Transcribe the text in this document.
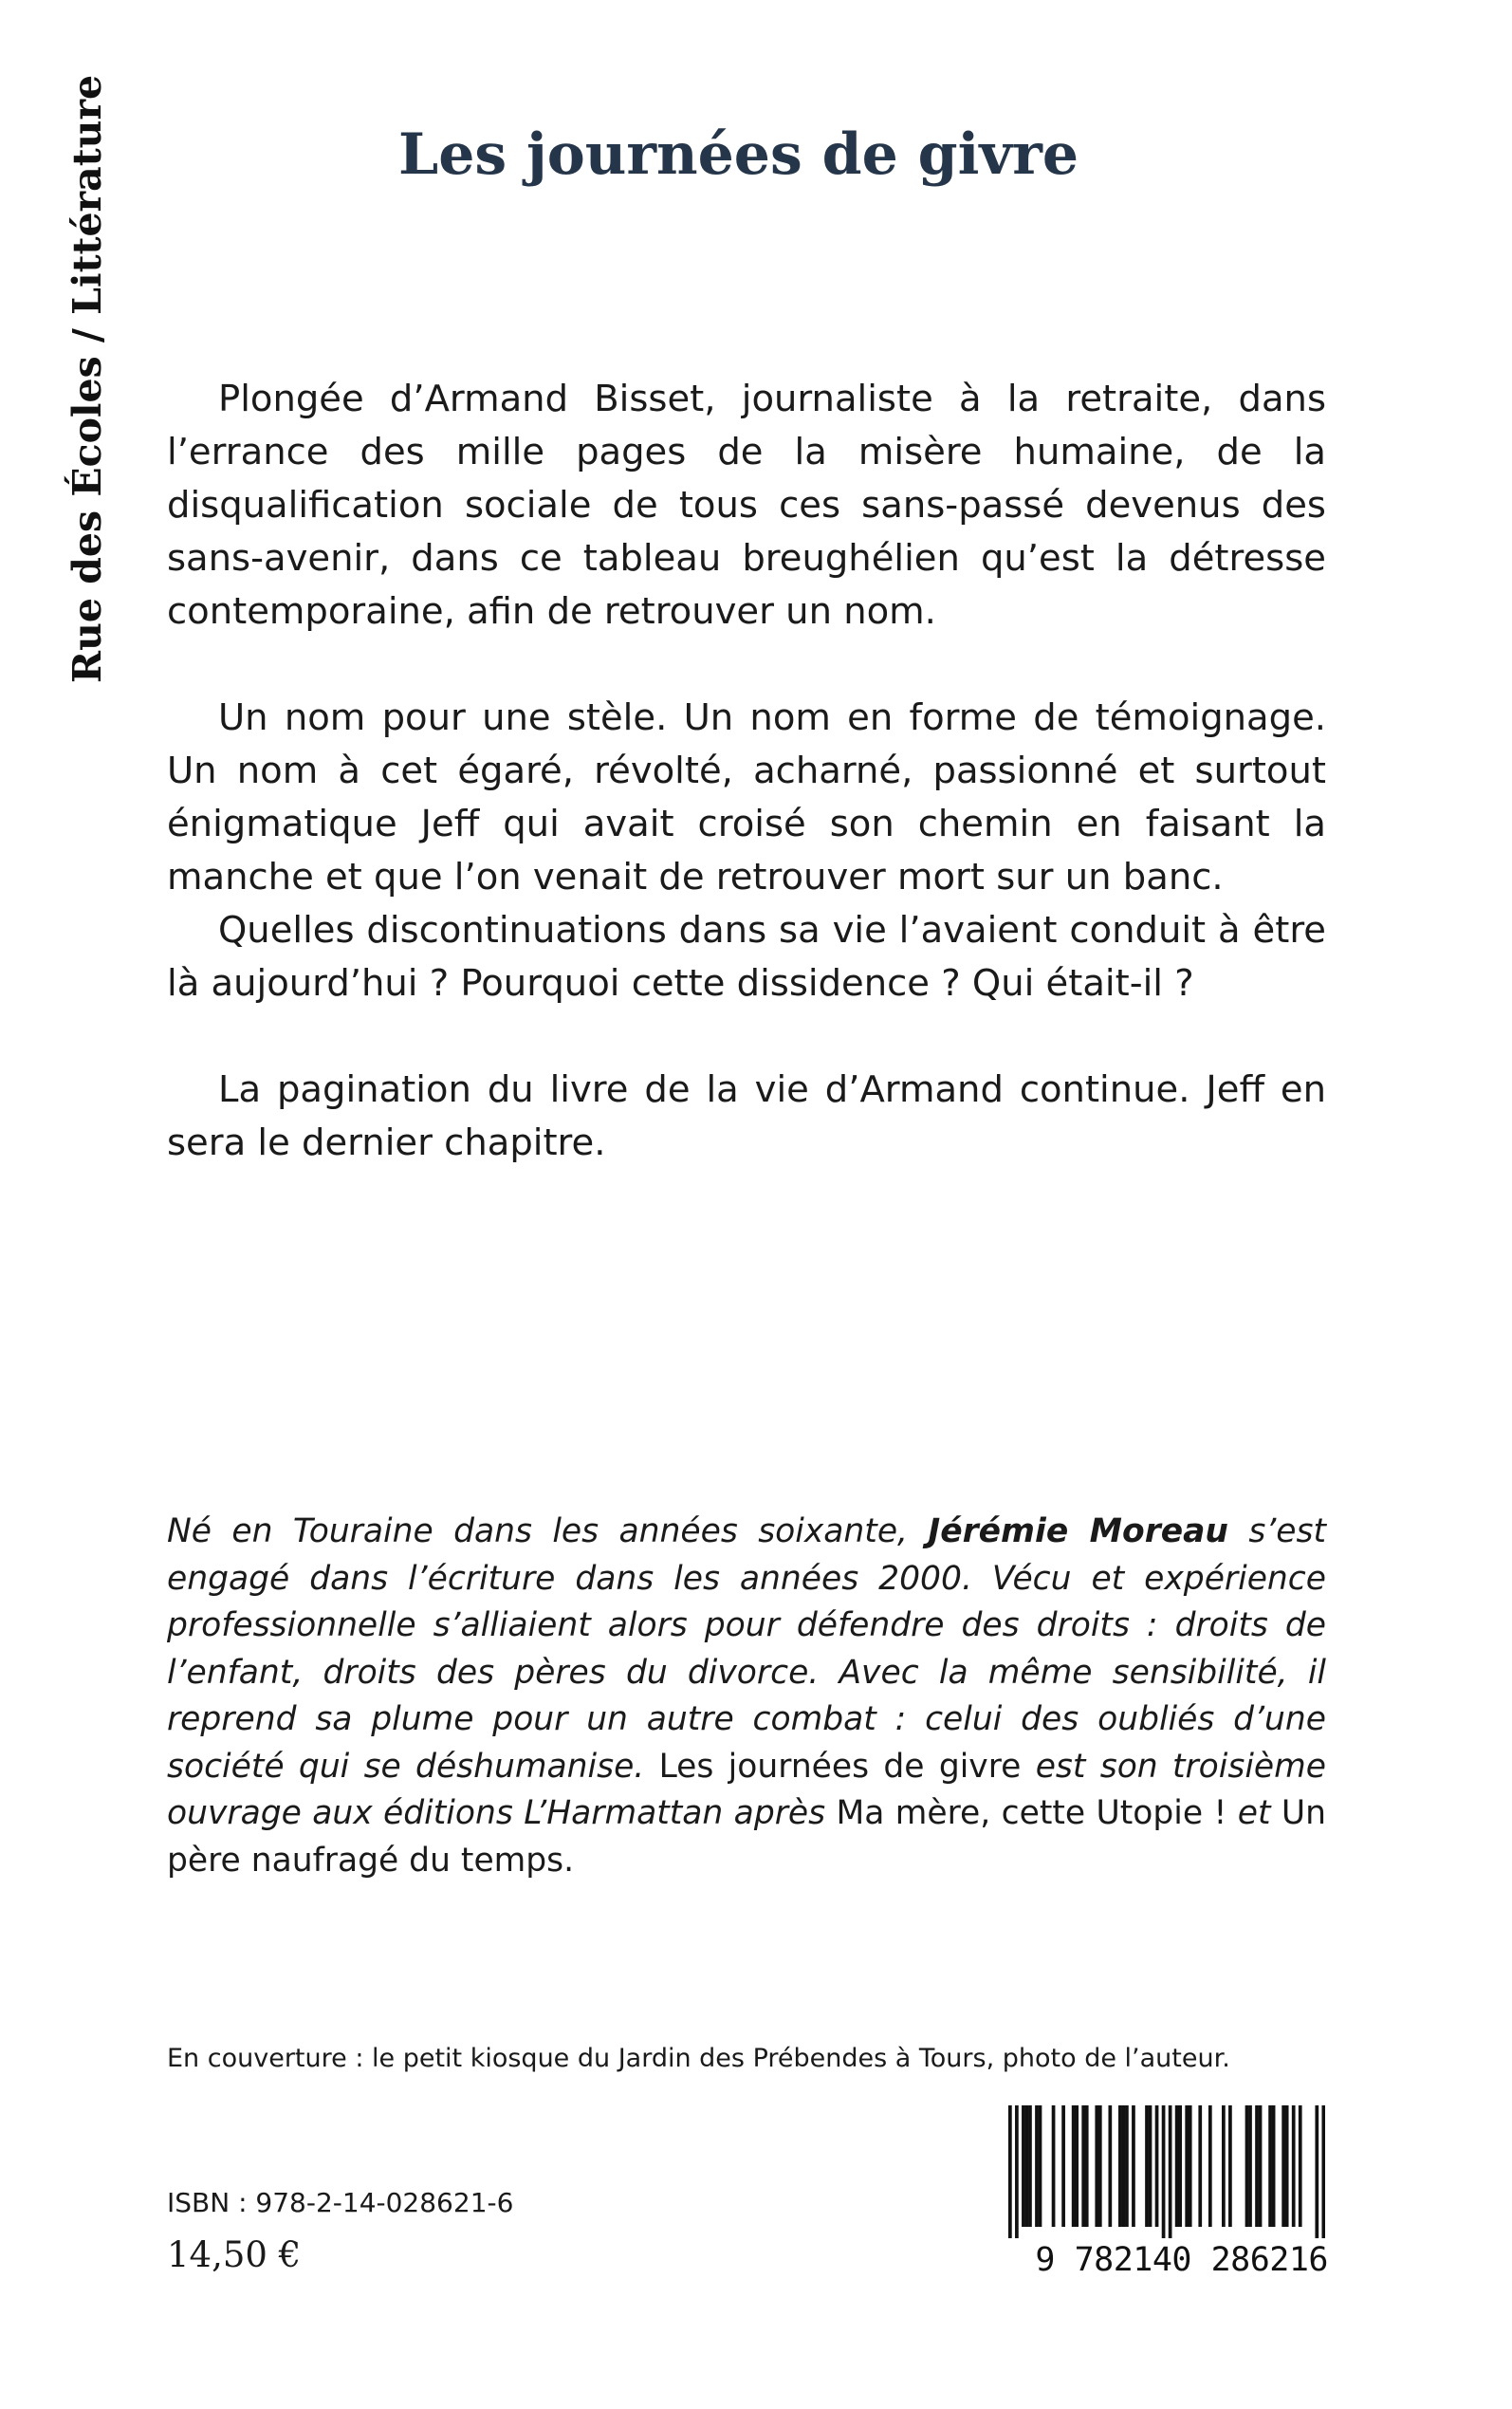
Rue des Écoles / Littérature	Les journées de givre

Plongée d’Armand Bisset, journaliste à la retraite, dans l’errance des mille pages de la misère humaine, de la disqualification sociale de tous ces sans-passé devenus des sans-avenir, dans ce tableau breughélien qu’est la détresse contemporaine, afin de retrouver un nom.

Un nom pour une stèle. Un nom en forme de témoignage. Un nom à cet égaré, révolté, acharné, passionné et surtout énigmatique Jeff qui avait croisé son chemin en faisant la manche et que l’on venait de retrouver mort sur un banc.

Quelles discontinuations dans sa vie l’avaient conduit à être là aujourd’hui ? Pourquoi cette dissidence ? Qui était-il ?

La pagination du livre de la vie d’Armand continue. Jeff en sera le dernier chapitre.

Né en Touraine dans les années soixante, Jérémie Moreau s’est engagé dans l’écriture dans les années 2000. Vécu et expérience professionnelle s’alliaient alors pour défendre des droits : droits de l’enfant, droits des pères du divorce. Avec la même sensibilité, il reprend sa plume pour un autre combat : celui des oubliés d’une société qui se déshumanise. Les journées de givre est son troisième ouvrage aux éditions L’Harmattan après Ma mère, cette Utopie ! et Un père naufragé du temps.

En couverture : le petit kiosque du Jardin des Prébendes à Tours, photo de l’auteur.
ISBN : 978-2-14-028621-6
14,50 €	9 782140 286216
